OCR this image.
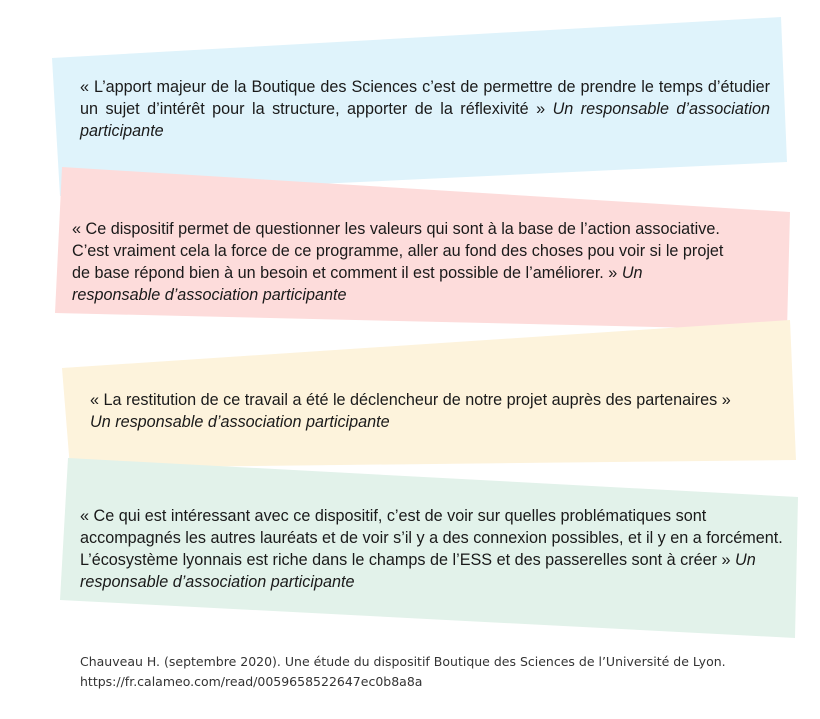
« L’apport majeur de la Boutique des Sciences c’est de permettre de prendre le temps d’étudier un sujet d’intérêt pour la structure, apporter de la réflexivité » Un responsable d’association participante

« Ce dispositif permet de questionner les valeurs qui sont à la base de l’action associative. C’est vraiment cela la force de ce programme, aller au fond des choses pou voir si le projet de base répond bien à un besoin et comment il est possible de l’améliorer. » Un responsable d’association participante

« La restitution de ce travail a été le déclencheur de notre projet auprès des partenaires » Un responsable d’association participante

« Ce qui est intéressant avec ce dispositif, c’est de voir sur quelles problématiques sont accompagnés les autres lauréats et de voir s’il y a des connexion possibles, et il y en a forcément. L’écosystème lyonnais est riche dans le champs de l’ESS et des passerelles sont à créer » Un responsable d’association participante

Chauveau H. (septembre 2020). Une étude du dispositif Boutique des Sciences de l’Université de Lyon.
https://fr.calameo.com/read/0059658522647ec0b8a8a
